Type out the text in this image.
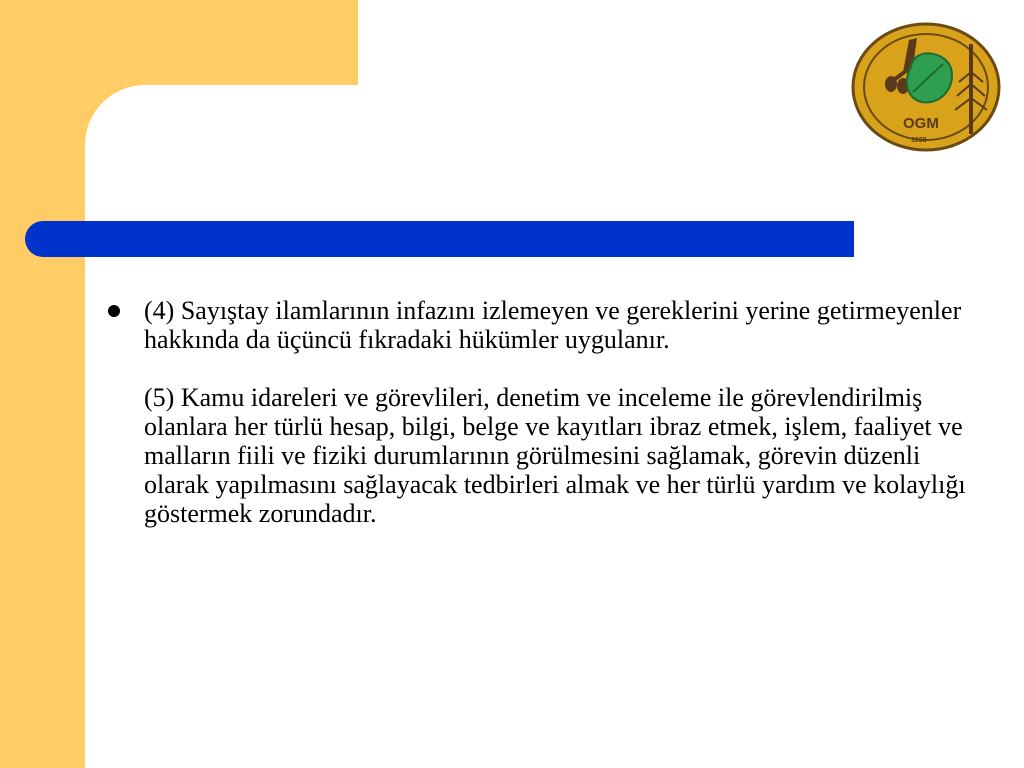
OGM
1839
(4) Sayıştay ilamlarının infazını izlemeyen ve gereklerini yerine getirmeyenler hakkında da üçüncü fıkradaki hükümler uygulanır.
(5) Kamu idareleri ve görevlileri, denetim ve inceleme ile görevlendirilmiş olanlara her türlü hesap, bilgi, belge ve kayıtları ibraz etmek, işlem, faaliyet ve malların fiili ve fiziki durumlarının görülmesini sağlamak, görevin düzenli olarak yapılmasını sağlayacak tedbirleri almak ve her türlü yardım ve kolaylığı göstermek zorundadır.
